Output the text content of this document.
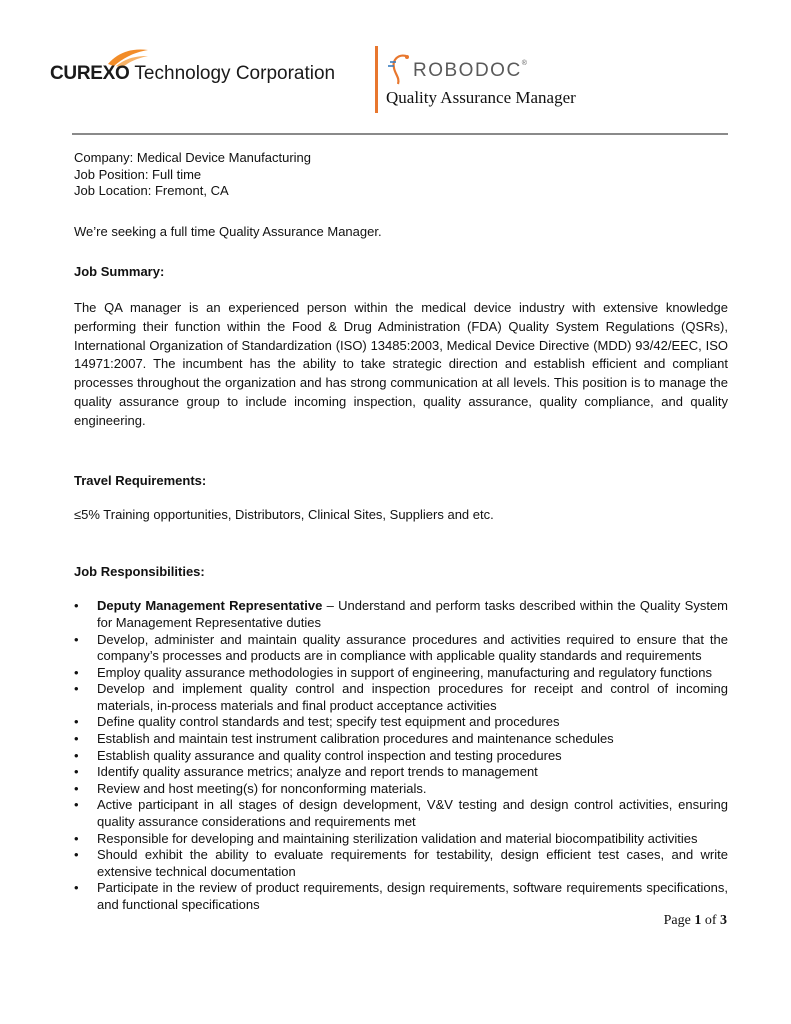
CUREXO Technology Corporation	ROBODOC®
Quality Assurance Manager
Company: Medical Device Manufacturing
Job Position: Full time
Job Location: Fremont, CA
We’re seeking a full time Quality Assurance Manager.
Job Summary:
The QA manager is an experienced person within the medical device industry with extensive knowledge performing their function within the Food & Drug Administration (FDA) Quality System Regulations (QSRs), International Organization of Standardization (ISO) 13485:2003, Medical Device Directive (MDD) 93/42/EEC, ISO 14971:2007. The incumbent has the ability to take strategic direction and establish efficient and compliant processes throughout the organization and has strong communication at all levels. This position is to manage the quality assurance group to include incoming inspection, quality assurance, quality compliance, and quality engineering.
Travel Requirements:
≤5% Training opportunities, Distributors, Clinical Sites, Suppliers and etc.
Job Responsibilities:
• Deputy Management Representative – Understand and perform tasks described within the Quality System for Management Representative duties
• Develop, administer and maintain quality assurance procedures and activities required to ensure that the company’s processes and products are in compliance with applicable quality standards and requirements
• Employ quality assurance methodologies in support of engineering, manufacturing and regulatory functions
• Develop and implement quality control and inspection procedures for receipt and control of incoming materials, in-process materials and final product acceptance activities
• Define quality control standards and test; specify test equipment and procedures
• Establish and maintain test instrument calibration procedures and maintenance schedules
• Establish quality assurance and quality control inspection and testing procedures
• Identify quality assurance metrics; analyze and report trends to management
• Review and host meeting(s) for nonconforming materials.
• Active participant in all stages of design development, V&V testing and design control activities, ensuring quality assurance considerations and requirements met
• Responsible for developing and maintaining sterilization validation and material biocompatibility activities
• Should exhibit the ability to evaluate requirements for testability, design efficient test cases, and write extensive technical documentation
• Participate in the review of product requirements, design requirements, software requirements specifications, and functional specifications
Page 1 of 3
